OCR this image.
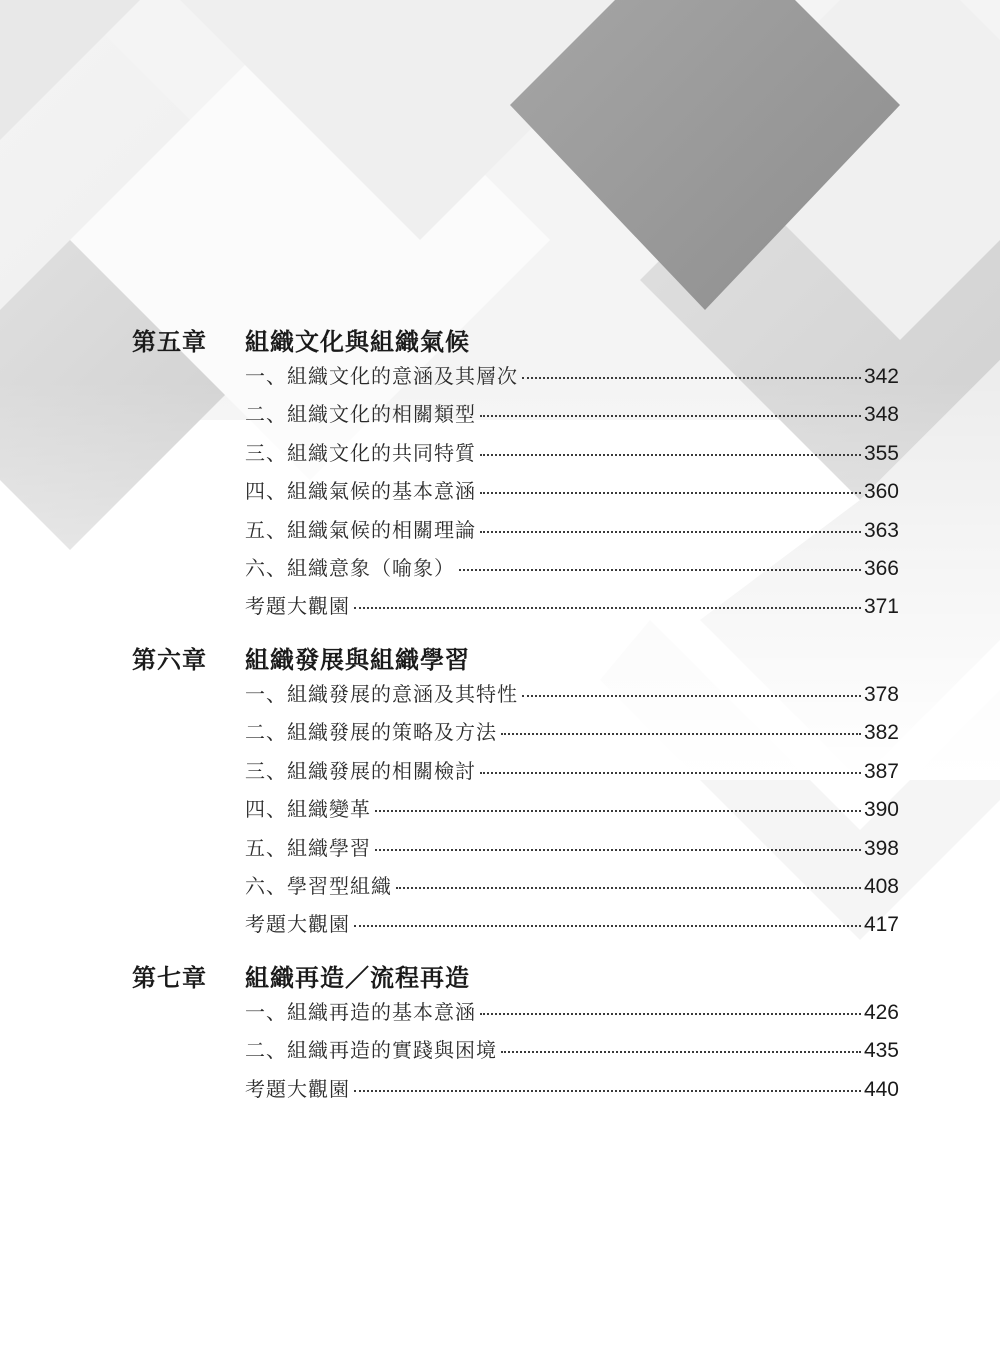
第五章	組織文化與組織氣候
一、組織文化的意涵及其層次	342
二、組織文化的相關類型	348
三、組織文化的共同特質	355
四、組織氣候的基本意涵	360
五、組織氣候的相關理論	363
六、組織意象（喻象）	366
考題大觀園	371
第六章	組織發展與組織學習
一、組織發展的意涵及其特性	378
二、組織發展的策略及方法	382
三、組織發展的相關檢討	387
四、組織變革	390
五、組織學習	398
六、學習型組織	408
考題大觀園	417
第七章	組織再造／流程再造
一、組織再造的基本意涵	426
二、組織再造的實踐與困境	435
考題大觀園	440
